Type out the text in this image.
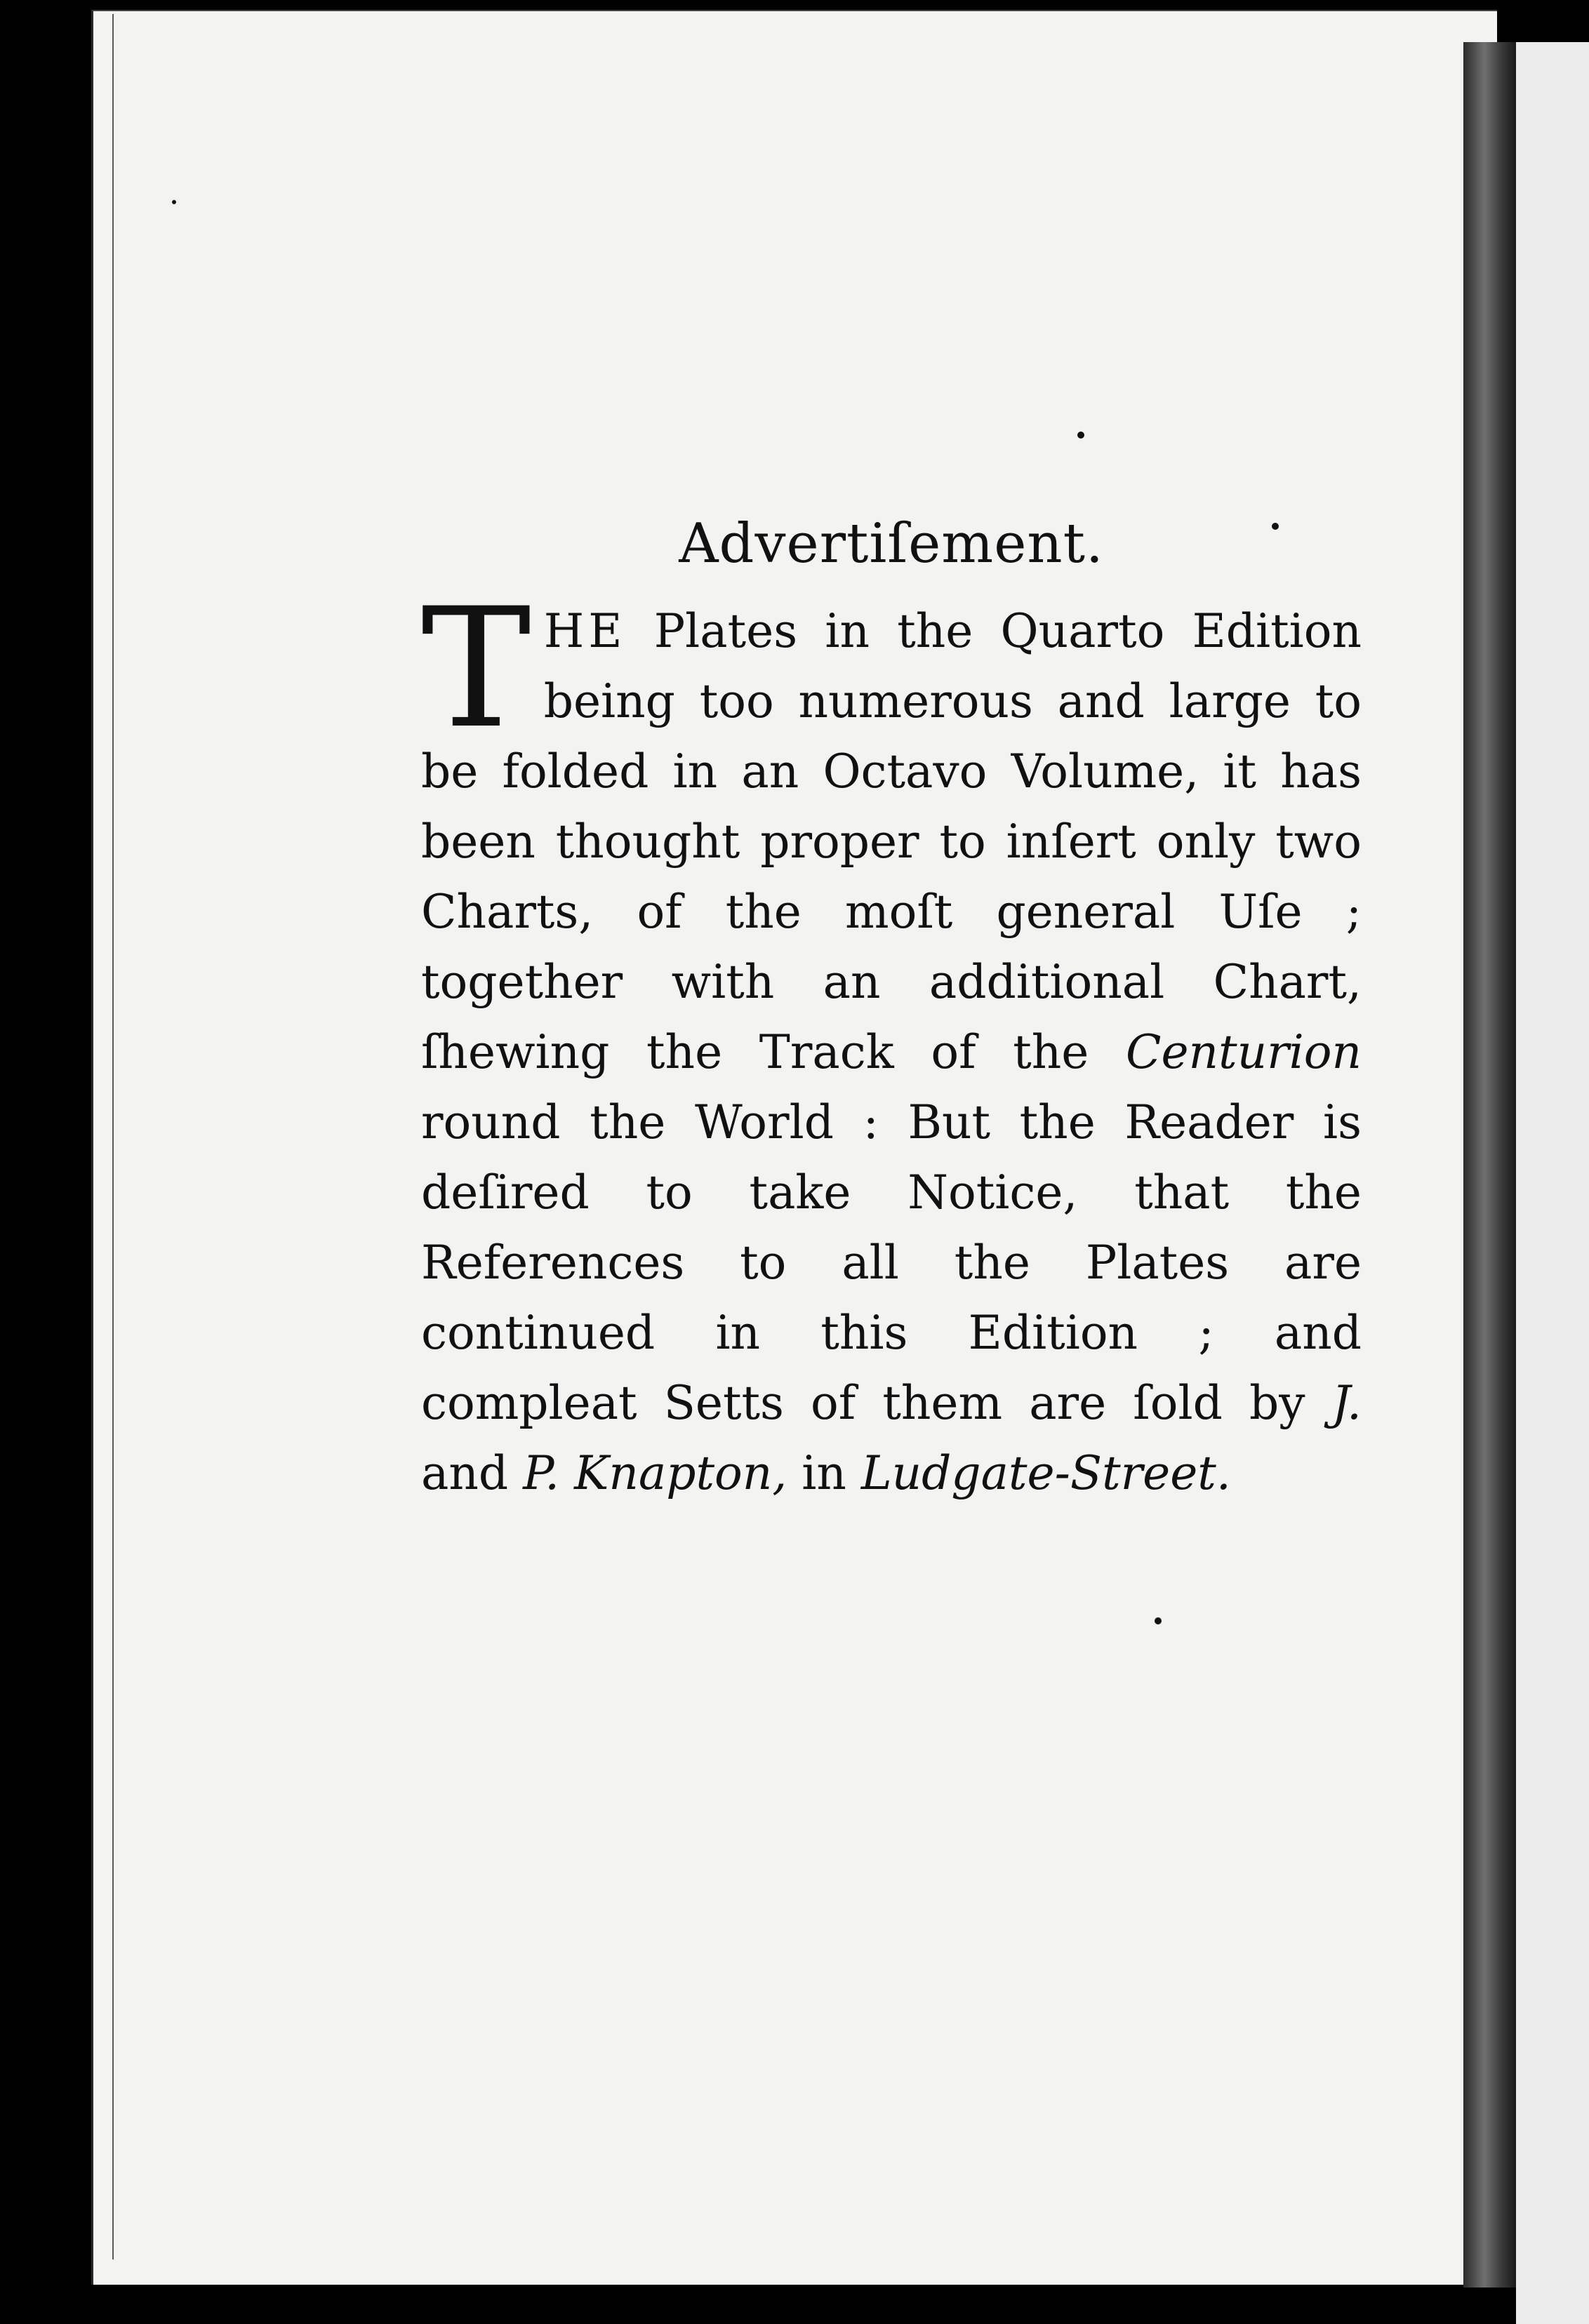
Advertiſement.

THE Plates in the Quarto Edition being too numerous and large to be folded in an Octavo Volume, it has been thought proper to inſert only two Charts, of the moſt general Uſe ; together with an additional Chart, ſhewing the Track of the Centurion round the World : But the Reader is deſired to take Notice, that the References to all the Plates are continued in this Edition ; and compleat Setts of them are ſold by J. and P. Knapton, in Ludgate-Street.
